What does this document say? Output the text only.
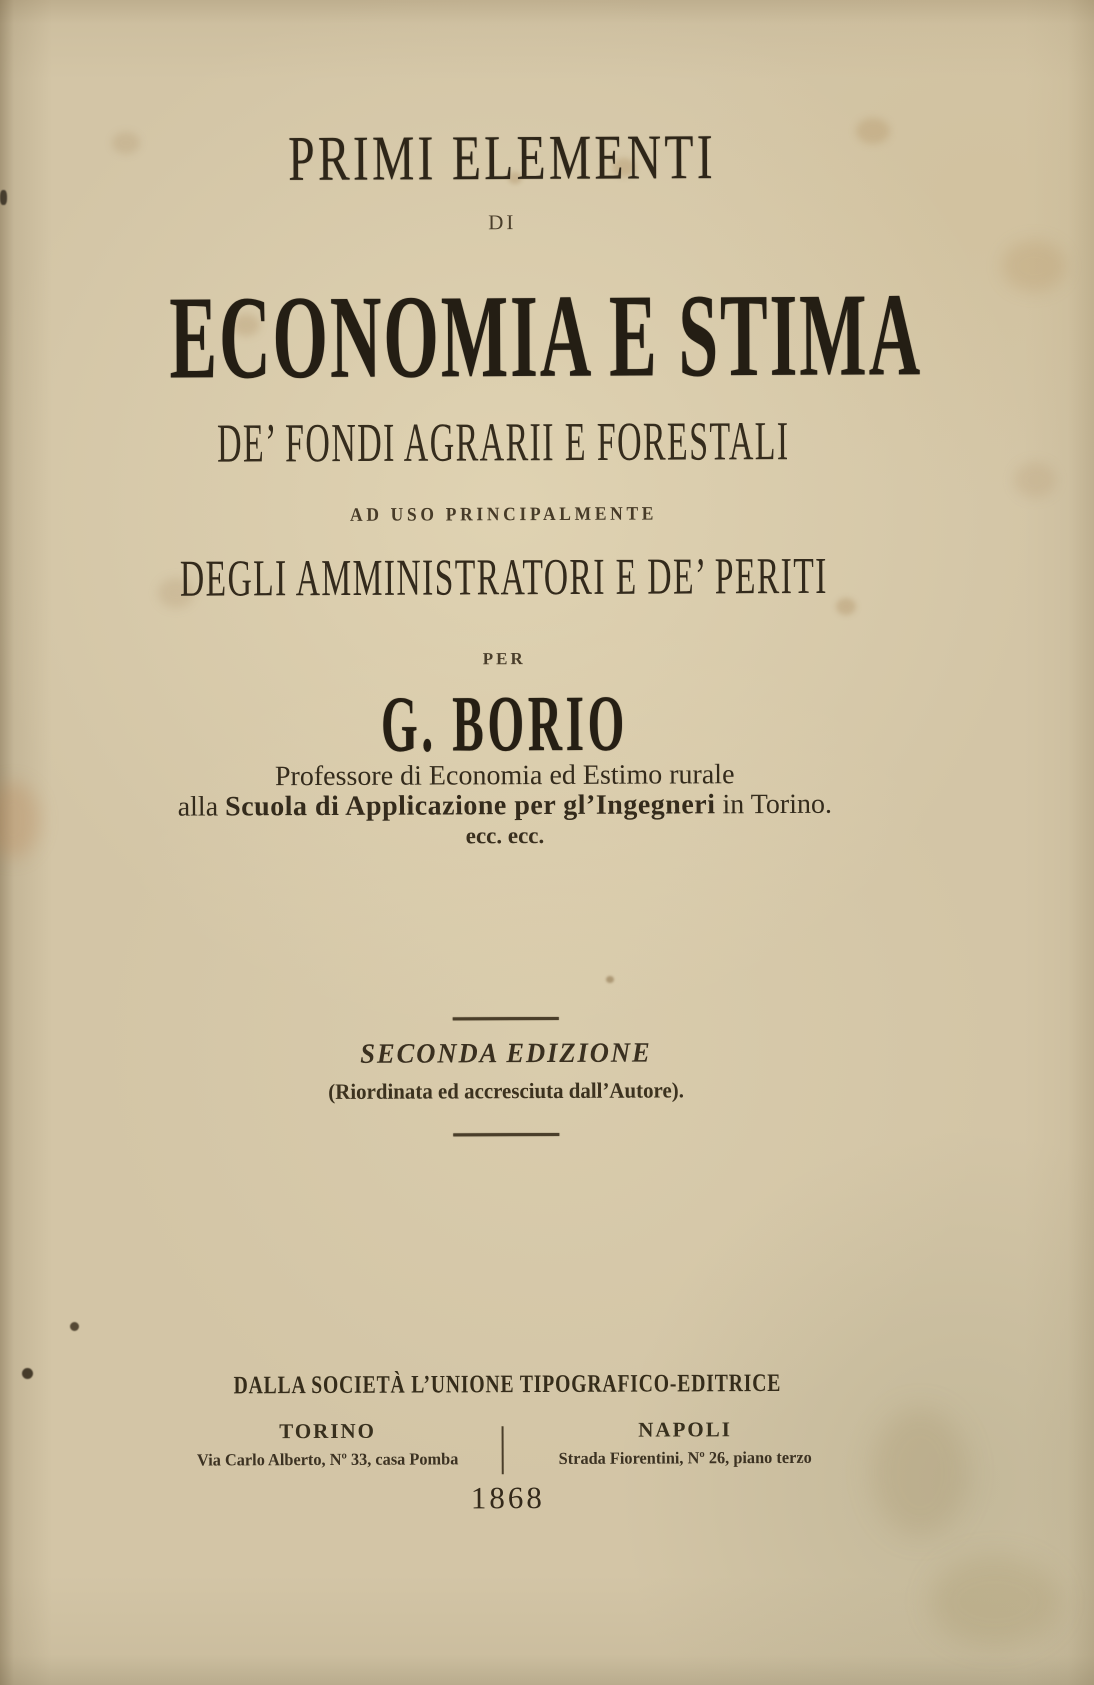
PRIMI ELEMENTI
DI
ECONOMIA E STIMA
DE’ FONDI AGRARII E FORESTALI
AD USO PRINCIPALMENTE
DEGLI AMMINISTRATORI E DE’ PERITI
PER
G. BORIO
Professore di Economia ed Estimo rurale
alla Scuola di Applicazione per gl’Ingegneri in Torino.
ecc. ecc.
SECONDA EDIZIONE
(Riordinata ed accresciuta dall’Autore).
DALLA SOCIETÀ L’UNIONE TIPOGRAFICO-EDITRICE
TORINO
Via Carlo Alberto, Nº 33, casa Pomba
NAPOLI
Strada Fiorentini, Nº 26, piano terzo
1868
